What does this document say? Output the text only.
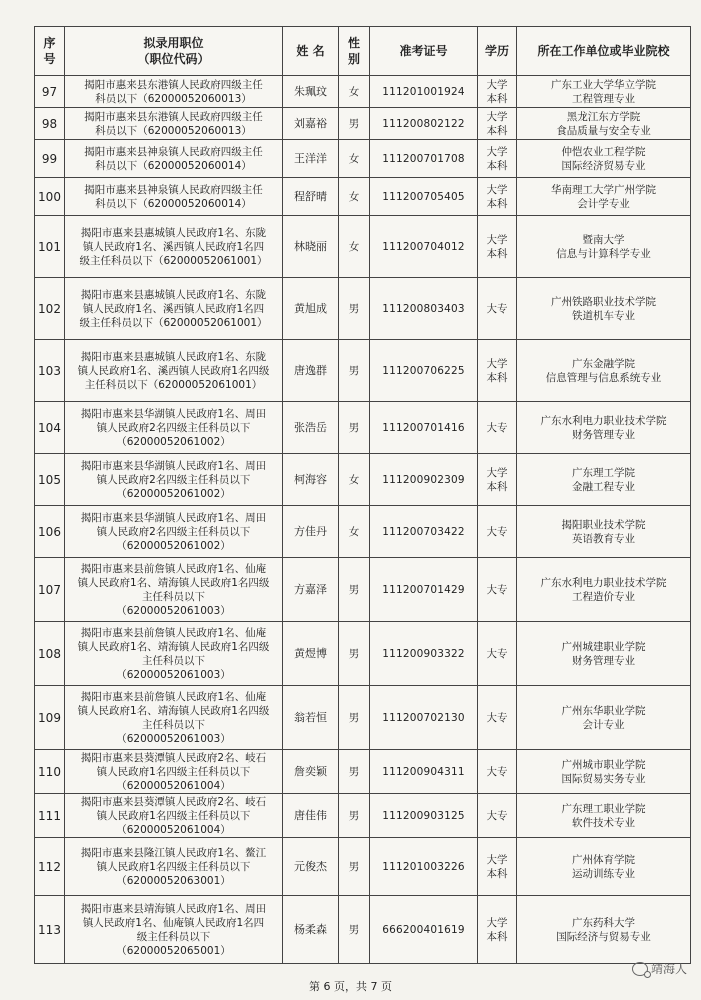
序
号	拟录用职位
（职位代码）	姓 名	性
别	准考证号	学历	所在工作单位或毕业院校
97	揭阳市惠来县东港镇人民政府四级主任
科员以下（62000052060013）	朱珮玟	女	111201001924	大学
本科	广东工业大学华立学院
工程管理专业
98	揭阳市惠来县东港镇人民政府四级主任
科员以下（62000052060013）	刘嘉裕	男	111200802122	大学
本科	黑龙江东方学院
食品质量与安全专业
99	揭阳市惠来县神泉镇人民政府四级主任
科员以下（62000052060014）	王洋洋	女	111200701708	大学
本科	仲恺农业工程学院
国际经济贸易专业
100	揭阳市惠来县神泉镇人民政府四级主任
科员以下（62000052060014）	程舒晴	女	111200705405	大学
本科	华南理工大学广州学院
会计学专业
101	揭阳市惠来县惠城镇人民政府1名、东陇
镇人民政府1名、溪西镇人民政府1名四
级主任科员以下（62000052061001）	林晓丽	女	111200704012	大学
本科	暨南大学
信息与计算科学专业
102	揭阳市惠来县惠城镇人民政府1名、东陇
镇人民政府1名、溪西镇人民政府1名四
级主任科员以下（62000052061001）	黄旭成	男	111200803403	大专	广州铁路职业技术学院
铁道机车专业
103	揭阳市惠来县惠城镇人民政府1名、东陇
镇人民政府1名、溪西镇人民政府1名四级
主任科员以下（62000052061001）	唐逸群	男	111200706225	大学
本科	广东金融学院
信息管理与信息系统专业
104	揭阳市惠来县华湖镇人民政府1名、周田
镇人民政府2名四级主任科员以下
（62000052061002）	张浩岳	男	111200701416	大专	广东水利电力职业技术学院
财务管理专业
105	揭阳市惠来县华湖镇人民政府1名、周田
镇人民政府2名四级主任科员以下
（62000052061002）	柯海容	女	111200902309	大学
本科	广东理工学院
金融工程专业
106	揭阳市惠来县华湖镇人民政府1名、周田
镇人民政府2名四级主任科员以下
（62000052061002）	方佳丹	女	111200703422	大专	揭阳职业技术学院
英语教育专业
107	揭阳市惠来县前詹镇人民政府1名、仙庵
镇人民政府1名、靖海镇人民政府1名四级
主任科员以下
（62000052061003）	方嘉泽	男	111200701429	大专	广东水利电力职业技术学院
工程造价专业
108	揭阳市惠来县前詹镇人民政府1名、仙庵
镇人民政府1名、靖海镇人民政府1名四级
主任科员以下
（62000052061003）	黄煜博	男	111200903322	大专	广州城建职业学院
财务管理专业
109	揭阳市惠来县前詹镇人民政府1名、仙庵
镇人民政府1名、靖海镇人民政府1名四级
主任科员以下
（62000052061003）	翁若恒	男	111200702130	大专	广州东华职业学院
会计专业
110	揭阳市惠来县葵潭镇人民政府2名、岐石
镇人民政府1名四级主任科员以下
（62000052061004）	詹奕颖	男	111200904311	大专	广州城市职业学院
国际贸易实务专业
111	揭阳市惠来县葵潭镇人民政府2名、岐石
镇人民政府1名四级主任科员以下
（62000052061004）	唐佳伟	男	111200903125	大专	广东理工职业学院
软件技术专业
112	揭阳市惠来县隆江镇人民政府1名、鳌江
镇人民政府1名四级主任科员以下
（62000052063001）	元俊杰	男	111201003226	大学
本科	广州体育学院
运动训练专业
113	揭阳市惠来县靖海镇人民政府1名、周田
镇人民政府1名、仙庵镇人民政府1名四
级主任科员以下
（62000052065001）	杨柔森	男	666200401619	大学
本科	广东药科大学
国际经济与贸易专业
第 6 页，共 7 页
靖海人
